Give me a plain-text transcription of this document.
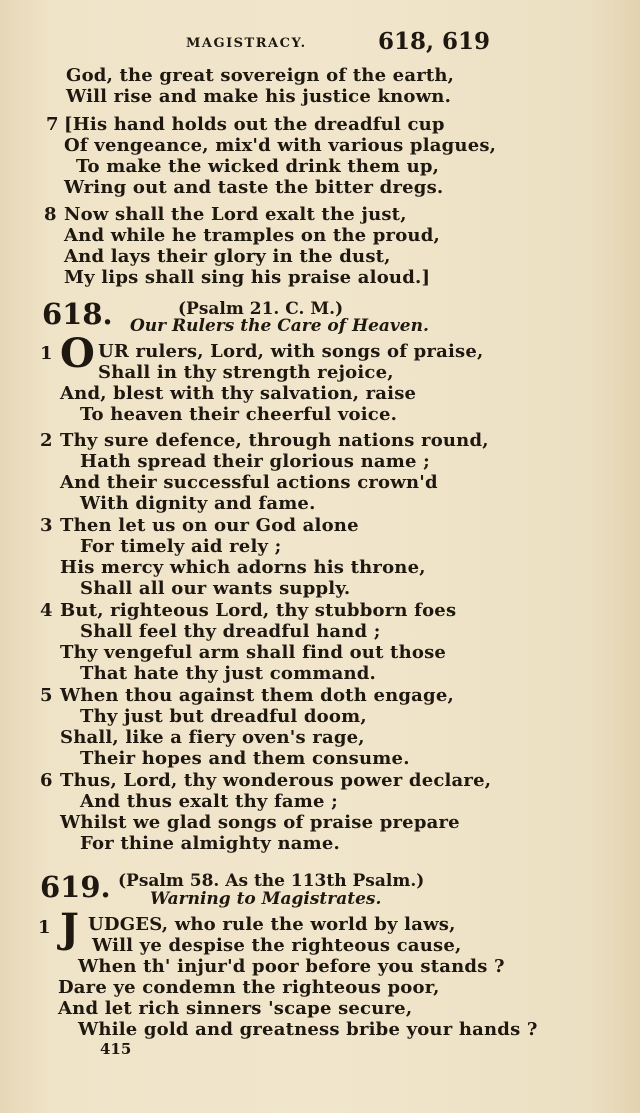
MAGISTRACY.	618, 619
God, the great sovereign of the earth,
Will rise and make his justice known.
7 [His hand holds out the dreadful cup
Of vengeance, mix'd with various plagues,
To make the wicked drink them up,
Wring out and taste the bitter dregs.
8 Now shall the Lord exalt the just,
And while he tramples on the proud,
And lays their glory in the dust,
My lips shall sing his praise aloud.]
618.	(Psalm 21. C. M.)
Our Rulers the Care of Heaven.
1 O UR rulers, Lord, with songs of praise,
Shall in thy strength rejoice,
And, blest with thy salvation, raise
To heaven their cheerful voice.
2 Thy sure defence, through nations round,
Hath spread their glorious name ;
And their successful actions crown'd
With dignity and fame.
3 Then let us on our God alone
For timely aid rely ;
His mercy which adorns his throne,
Shall all our wants supply.
4 But, righteous Lord, thy stubborn foes
Shall feel thy dreadful hand ;
Thy vengeful arm shall find out those
That hate thy just command.
5 When thou against them doth engage,
Thy just but dreadful doom,
Shall, like a fiery oven's rage,
Their hopes and them consume.
6 Thus, Lord, thy wonderous power declare,
And thus exalt thy fame ;
Whilst we glad songs of praise prepare
For thine almighty name.
619. (Psalm 58. As the 113th Psalm.)
Warning to Magistrates.
1 J UDGES, who rule the world by laws,
Will ye despise the righteous cause,
When th' injur'd poor before you stands ?
Dare ye condemn the righteous poor,
And let rich sinners 'scape secure,
While gold and greatness bribe your hands ?
415
